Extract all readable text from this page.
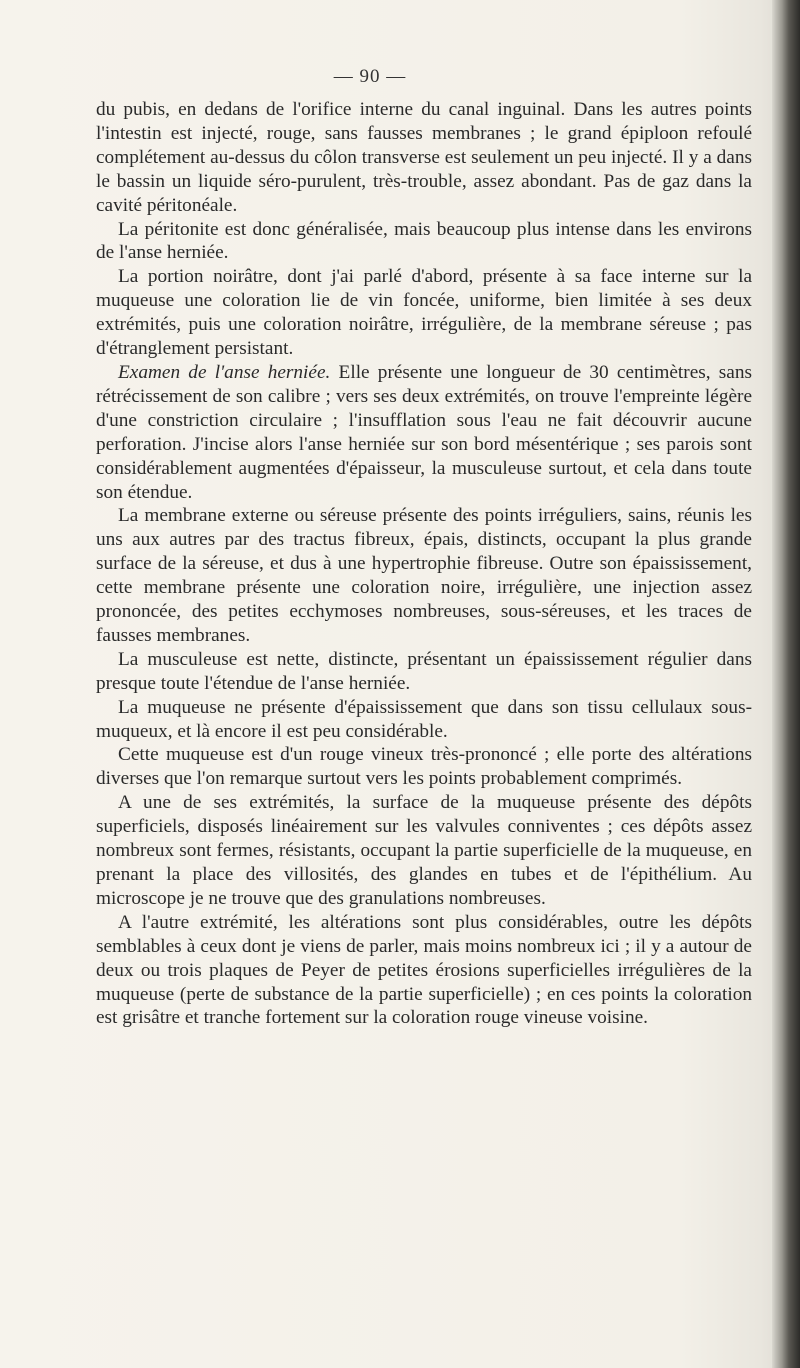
— 90 —

du pubis, en dedans de l'orifice interne du canal inguinal. Dans les autres points l'intestin est injecté, rouge, sans fausses membranes ; le grand épiploon refoulé complétement au-dessus du côlon transverse est seulement un peu injecté. Il y a dans le bassin un liquide séro-purulent, très-trouble, assez abondant. Pas de gaz dans la cavité péritonéale.

La péritonite est donc généralisée, mais beaucoup plus intense dans les environs de l'anse herniée.

La portion noirâtre, dont j'ai parlé d'abord, présente à sa face interne sur la muqueuse une coloration lie de vin foncée, uniforme, bien limitée à ses deux extrémités, puis une coloration noirâtre, irrégulière, de la membrane séreuse ; pas d'étranglement persistant.

Examen de l'anse herniée. Elle présente une longueur de 30 centimètres, sans rétrécissement de son calibre ; vers ses deux extrémités, on trouve l'empreinte légère d'une constriction circulaire ; l'insufflation sous l'eau ne fait découvrir aucune perforation. J'incise alors l'anse herniée sur son bord mésentérique ; ses parois sont considérablement augmentées d'épaisseur, la musculeuse surtout, et cela dans toute son étendue.

La membrane externe ou séreuse présente des points irréguliers, sains, réunis les uns aux autres par des tractus fibreux, épais, distincts, occupant la plus grande surface de la séreuse, et dus à une hypertrophie fibreuse. Outre son épaississement, cette membrane présente une coloration noire, irrégulière, une injection assez prononcée, des petites ecchymoses nombreuses, sous-séreuses, et les traces de fausses membranes.

La musculeuse est nette, distincte, présentant un épaississement régulier dans presque toute l'étendue de l'anse herniée.

La muqueuse ne présente d'épaississement que dans son tissu cellulaux sous-muqueux, et là encore il est peu considérable.

Cette muqueuse est d'un rouge vineux très-prononcé ; elle porte des altérations diverses que l'on remarque surtout vers les points probablement comprimés.

A une de ses extrémités, la surface de la muqueuse présente des dépôts superficiels, disposés linéairement sur les valvules conniventes ; ces dépôts assez nombreux sont fermes, résistants, occupant la partie superficielle de la muqueuse, en prenant la place des villosités, des glandes en tubes et de l'épithélium. Au microscope je ne trouve que des granulations nombreuses.

A l'autre extrémité, les altérations sont plus considérables, outre les dépôts semblables à ceux dont je viens de parler, mais moins nombreux ici ; il y a autour de deux ou trois plaques de Peyer de petites érosions superficielles irrégulières de la muqueuse (perte de substance de la partie superficielle) ; en ces points la coloration est grisâtre et tranche fortement sur la coloration rouge vineuse voisine.
